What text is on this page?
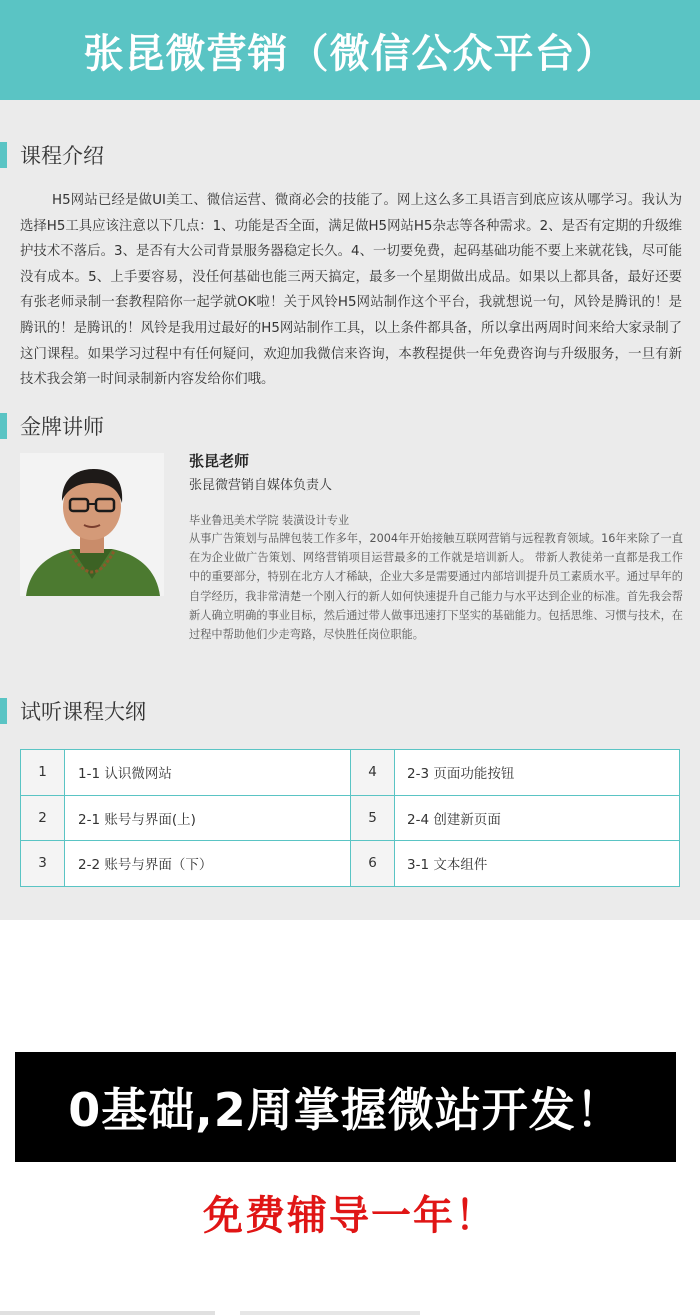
张昆微营销（微信公众平台）
课程介绍
H5网站已经是做UI美工、微信运营、微商必会的技能了。网上这么多工具语言到底应该从哪学习。我认为选择H5工具应该注意以下几点：1、功能是否全面，满足做H5网站H5杂志等各种需求。2、是否有定期的升级维护技术不落后。3、是否有大公司背景服务器稳定长久。4、一切要免费，起码基础功能不要上来就花钱，尽可能没有成本。5、上手要容易，没任何基础也能三两天搞定，最多一个星期做出成品。如果以上都具备，最好还要有张老师录制一套教程陪你一起学就OK啦！关于风铃H5网站制作这个平台，我就想说一句，风铃是腾讯的！是腾讯的！是腾讯的！风铃是我用过最好的H5网站制作工具，以上条件都具备，所以拿出两周时间来给大家录制了这门课程。如果学习过程中有任何疑问，欢迎加我微信来咨询，本教程提供一年免费咨询与升级服务，一旦有新技术我会第一时间录制新内容发给你们哦。
金牌讲师
张昆老师
张昆微营销自媒体负责人
毕业鲁迅美术学院 装潢设计专业
从事广告策划与品牌包装工作多年，2004年开始接触互联网营销与远程教育领域。16年来除了一直在为企业做广告策划、网络营销项目运营最多的工作就是培训新人。 带新人教徒弟一直都是我工作中的重要部分，特别在北方人才稀缺，企业大多是需要通过内部培训提升员工素质水平。通过早年的自学经历，我非常清楚一个刚入行的新人如何快速提升自己能力与水平达到企业的标准。首先我会帮新人确立明确的事业目标，然后通过带人做事迅速打下坚实的基础能力。包括思维、习惯与技术，在过程中帮助他们少走弯路，尽快胜任岗位职能。
试听课程大纲
1	1-1 认识微网站	4	2-3 页面功能按钮
2	2-1 账号与界面(上)	5	2-4 创建新页面
3	2-2 账号与界面（下）	6	3-1 文本组件
0基础,2周掌握微站开发！
免费辅导一年！
